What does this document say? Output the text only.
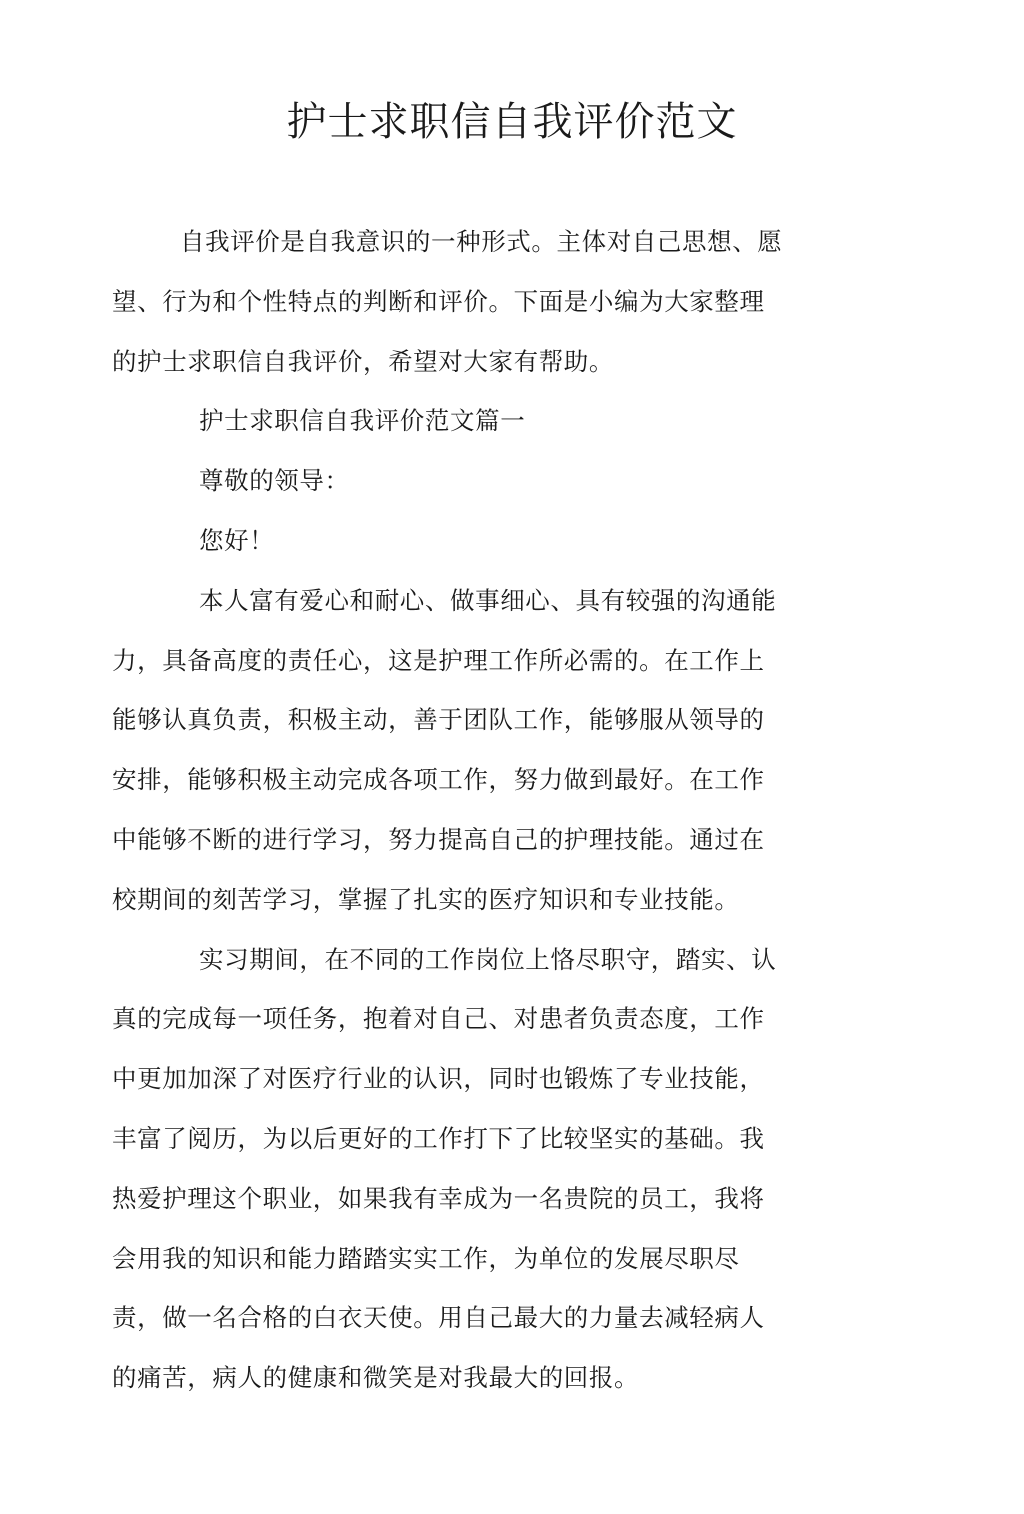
护士求职信自我评价范文
自我评价是自我意识的一种形式。主体对自己思想、愿
望、行为和个性特点的判断和评价。下面是小编为大家整理
的护士求职信自我评价，希望对大家有帮助。
护士求职信自我评价范文篇一
尊敬的领导：
您好！
本人富有爱心和耐心、做事细心、具有较强的沟通能
力，具备高度的责任心，这是护理工作所必需的。在工作上
能够认真负责，积极主动，善于团队工作，能够服从领导的
安排，能够积极主动完成各项工作，努力做到最好。在工作
中能够不断的进行学习，努力提高自己的护理技能。通过在
校期间的刻苦学习，掌握了扎实的医疗知识和专业技能。
实习期间，在不同的工作岗位上恪尽职守，踏实、认
真的完成每一项任务，抱着对自己、对患者负责态度，工作
中更加加深了对医疗行业的认识，同时也锻炼了专业技能，
丰富了阅历，为以后更好的工作打下了比较坚实的基础。我
热爱护理这个职业，如果我有幸成为一名贵院的员工，我将
会用我的知识和能力踏踏实实工作，为单位的发展尽职尽
责，做一名合格的白衣天使。用自己最大的力量去减轻病人
的痛苦，病人的健康和微笑是对我最大的回报。
